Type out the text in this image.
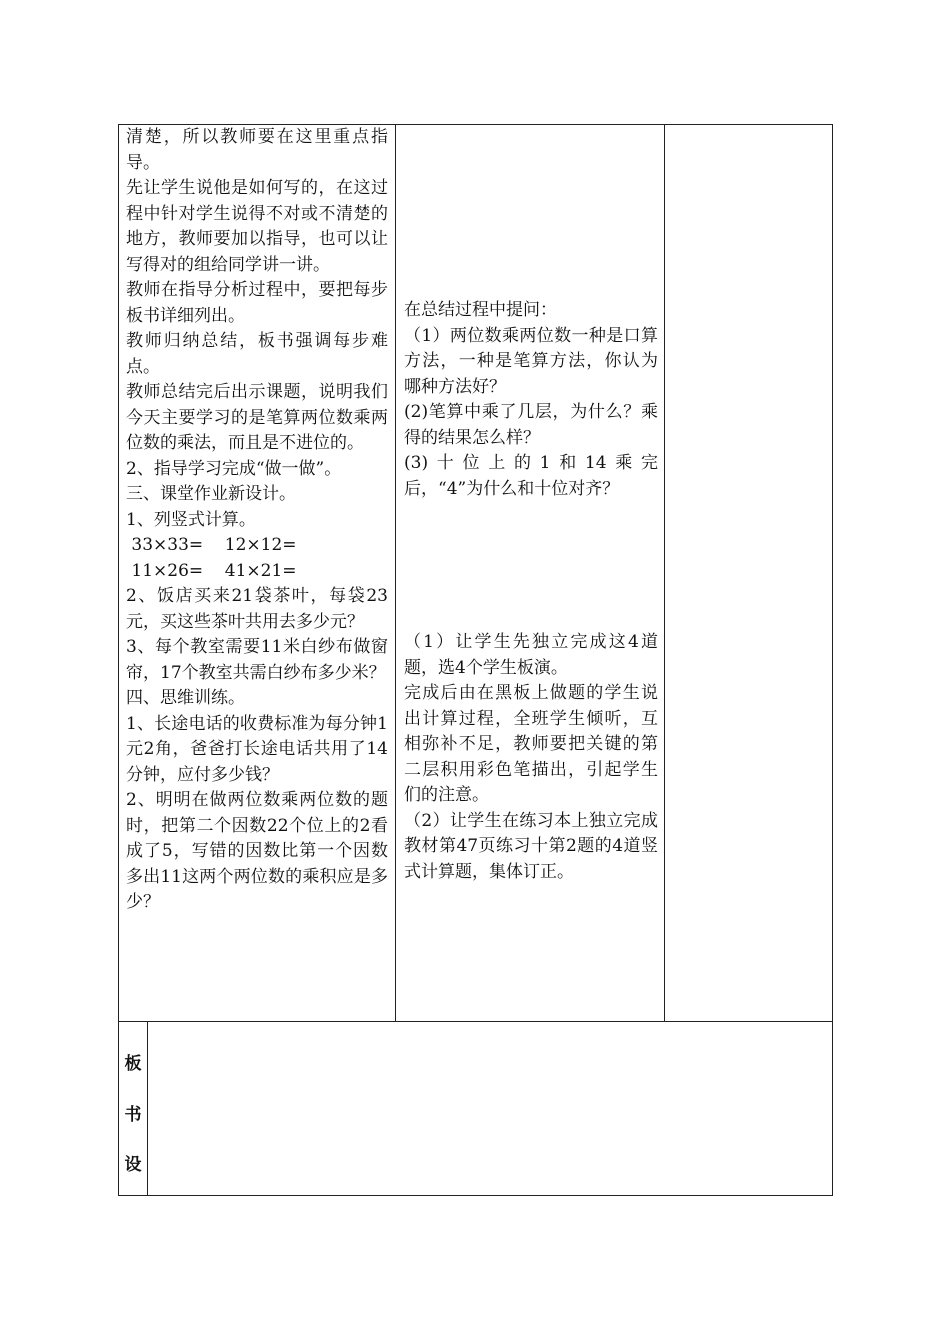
清楚，所以教师要在这里重点指导。

先让学生说他是如何写的，在这过程中针对学生说得不对或不清楚的地方，教师要加以指导，也可以让写得对的组给同学讲一讲。

教师在指导分析过程中，要把每步板书详细列出。

教师归纳总结，板书强调每步难点。

教师总结完后出示课题，说明我们今天主要学习的是笔算两位数乘两位数的乘法，而且是不进位的。

2、指导学习完成“做一做”。

三、课堂作业新设计。

1、列竖式计算。

33×33=    12×12=

11×26=    41×21=

2、饭店买来21袋茶叶，每袋23元，买这些茶叶共用去多少元？

3、每个教室需要11米白纱布做窗帘，17个教室共需白纱布多少米？

四、思维训练。

1、长途电话的收费标准为每分钟1元2角，爸爸打长途电话共用了14分钟，应付多少钱？

2、明明在做两位数乘两位数的题时，把第二个因数22个位上的2看成了5，写错的因数比第一个因数多出11这两个两位数的乘积应是多少？

在总结过程中提问：

（1）两位数乘两位数一种是口算方法，一种是笔算方法，你认为哪种方法好？

(2)笔算中乘了几层，为什么？乘得的结果怎么样？

(3)十位上的1和14乘完后，“4”为什么和十位对齐？

（1）让学生先独立完成这4道题，选4个学生板演。

完成后由在黑板上做题的学生说出计算过程，全班学生倾听，互相弥补不足，教师要把关键的第二层积用彩色笔描出，引起学生们的注意。

（2）让学生在练习本上独立完成教材第47页练习十第2题的4道竖式计算题，集体订正。

板
书
设
